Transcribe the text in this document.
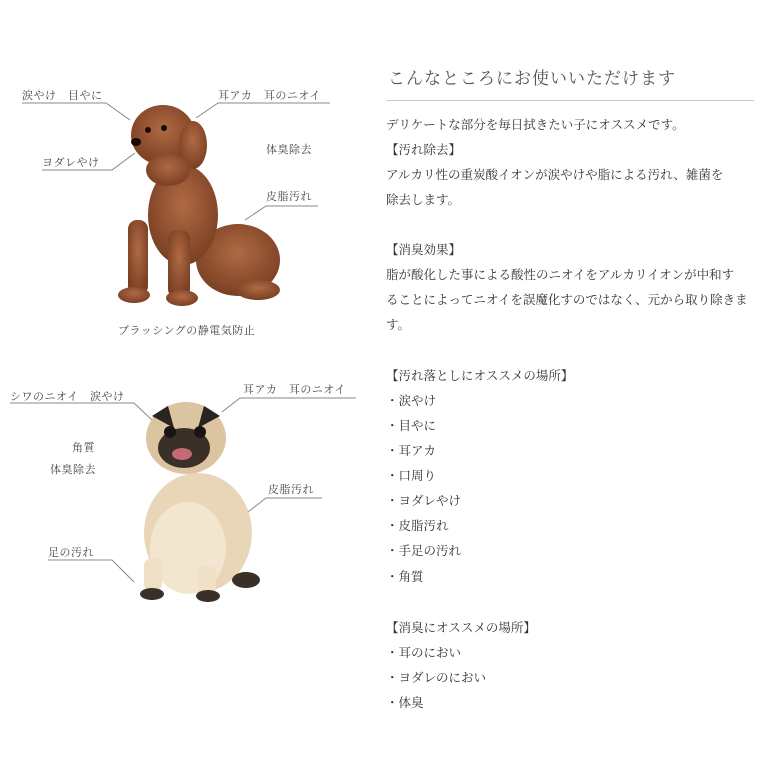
涙やけ　目やに	耳アカ　耳のニオイ
ヨダレやけ
体臭除去
皮脂汚れ
ブラッシングの静電気防止
シワのニオイ　涙やけ
耳アカ　耳のニオイ
角質
体臭除去
皮脂汚れ
足の汚れ
こんなところにお使いいただけます
デリケートな部分を毎日拭きたい子にオススメです。
【汚れ除去】
アルカリ性の重炭酸イオンが涙やけや脂による汚れ、雑菌を
除去します。
【消臭効果】
脂が酸化した事による酸性のニオイをアルカリイオンが中和す
ることによってニオイを誤魔化すのではなく、元から取り除きま
す。
【汚れ落としにオススメの場所】
・涙やけ
・目やに
・耳アカ
・口周り
・ヨダレやけ
・皮脂汚れ
・手足の汚れ
・角質
【消臭にオススメの場所】
・耳のにおい
・ヨダレのにおい
・体臭
